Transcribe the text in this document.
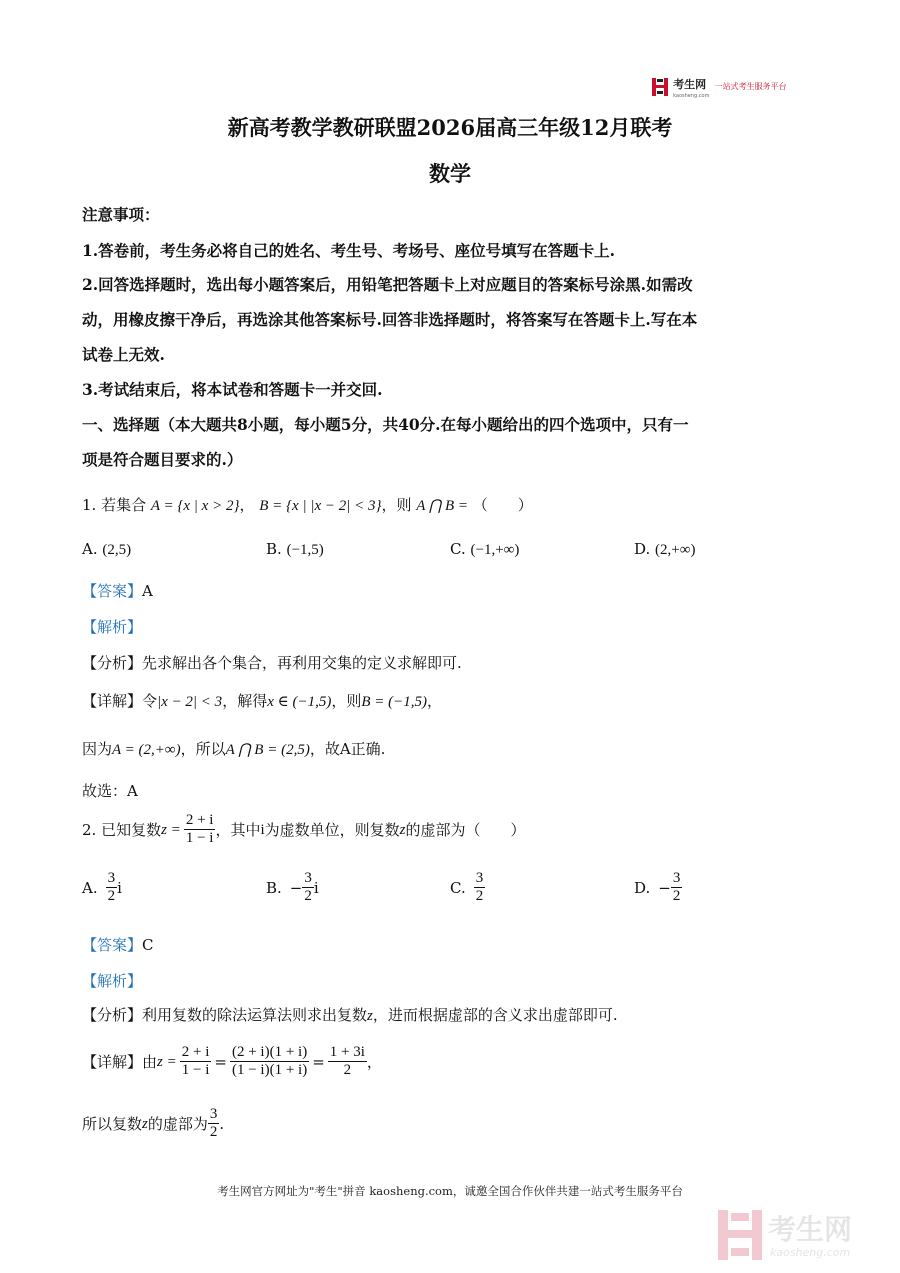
考生网
kaosheng.com
一站式考生服务平台
新高考教学教研联盟2026届高三年级12月联考
数学
注意事项：
1.答卷前，考生务必将自己的姓名、考生号、考场号、座位号填写在答题卡上.
2.回答选择题时，选出每小题答案后，用铅笔把答题卡上对应题目的答案标号涂黑.如需改
动，用橡皮擦干净后，再选涂其他答案标号.回答非选择题时，将答案写在答题卡上.写在本
试卷上无效.
3.考试结束后，将本试卷和答题卡一并交回.
一、选择题（本大题共8小题，每小题5分，共40分.在每小题给出的四个选项中，只有一
项是符合题目要求的.）
1. 若集合 A = {x | x > 2}， B = {x | |x − 2| < 3}，则 A ⋂ B = （　　）
A. (2,5)	B. (−1,5)	C. (−1,+∞)	D. (2,+∞)
【答案】A
【解析】
【分析】先求解出各个集合，再利用交集的定义求解即可.
【详解】令|x − 2| < 3，解得x ∈ (−1,5)，则B = (−1,5)，
因为A = (2,+∞)，所以A ⋂ B = (2,5)，故A正确.
故选：A
2. 已知复数 $z = \frac{2 + i}{1 - i}$ ，其中 i 为虚数单位，则复数 z 的虚部为（　　）
A. $\frac{3}{2}$ i	B. − $\frac{3}{2}$ i	C. $\frac{3}{2}$	D. − $\frac{3}{2}$
【答案】C
【解析】
【分析】利用复数的除法运算法则求出复数z，进而根据虚部的含义求出虚部即可.
【详解】 由 $z = \frac{2 + i}{1 - i} = \frac{(2 + i)(1 + i)}{(1 - i)(1 + i)} = \frac{1 + 3i}{2}$ ，
所以复数 z 的虚部为 $\frac{3}{2}$ .
考生网官方网址为"考生"拼音 kaosheng.com，诚邀全国合作伙伴共建一站式考生服务平台
考生网
kaosheng.com
